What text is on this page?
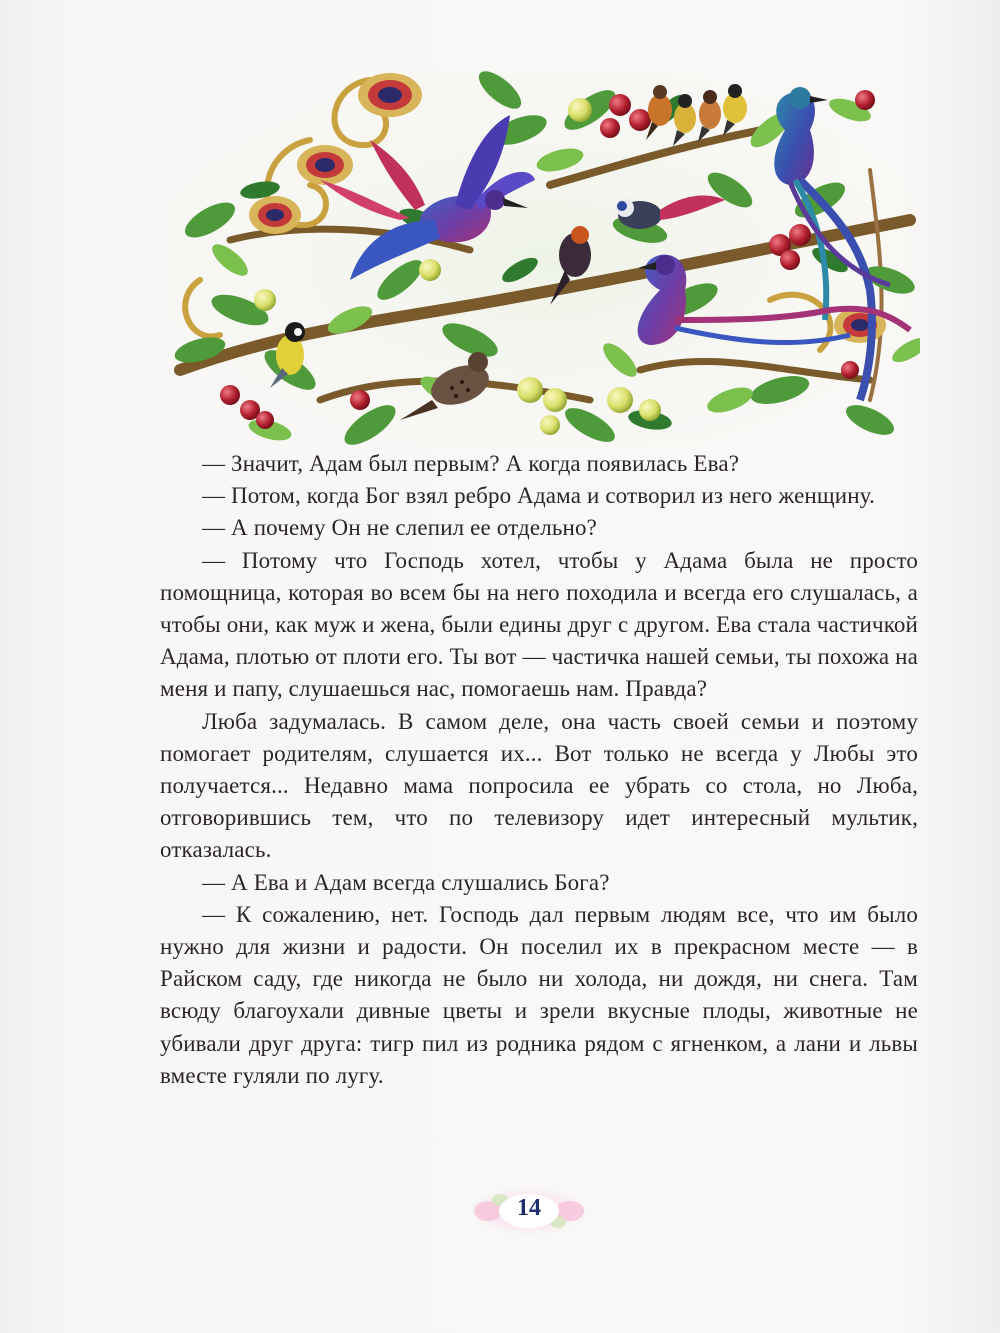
— Значит, Адам был первым? А когда появилась Ева?

— Потом, когда Бог взял ребро Адама и сотворил из него женщину.

— А почему Он не слепил ее отдельно?

— Потому что Господь хотел, чтобы у Адама была не просто помощница, которая во всем бы на него походила и всегда его слушалась, а чтобы они, как муж и жена, были едины друг с другом. Ева стала частичкой Адама, плотью от плоти его. Ты вот — частичка нашей семьи, ты похожа на меня и папу, слушаешься нас, помогаешь нам. Правда?

Люба задумалась. В самом деле, она часть своей семьи и поэтому помогает родителям, слушается их... Вот только не всегда у Любы это получается... Недавно мама попросила ее убрать со стола, но Люба, отговорившись тем, что по телевизору идет интересный мультик, отказалась.

— А Ева и Адам всегда слушались Бога?

— К сожалению, нет. Господь дал первым людям все, что им было нужно для жизни и радости. Он поселил их в прекрасном месте — в Райском саду, где никогда не было ни холода, ни дождя, ни снега. Там всюду благоухали дивные цветы и зрели вкусные плоды, животные не убивали друг друга: тигр пил из родника рядом с ягненком, а лани и львы вместе гуляли по лугу.

14
